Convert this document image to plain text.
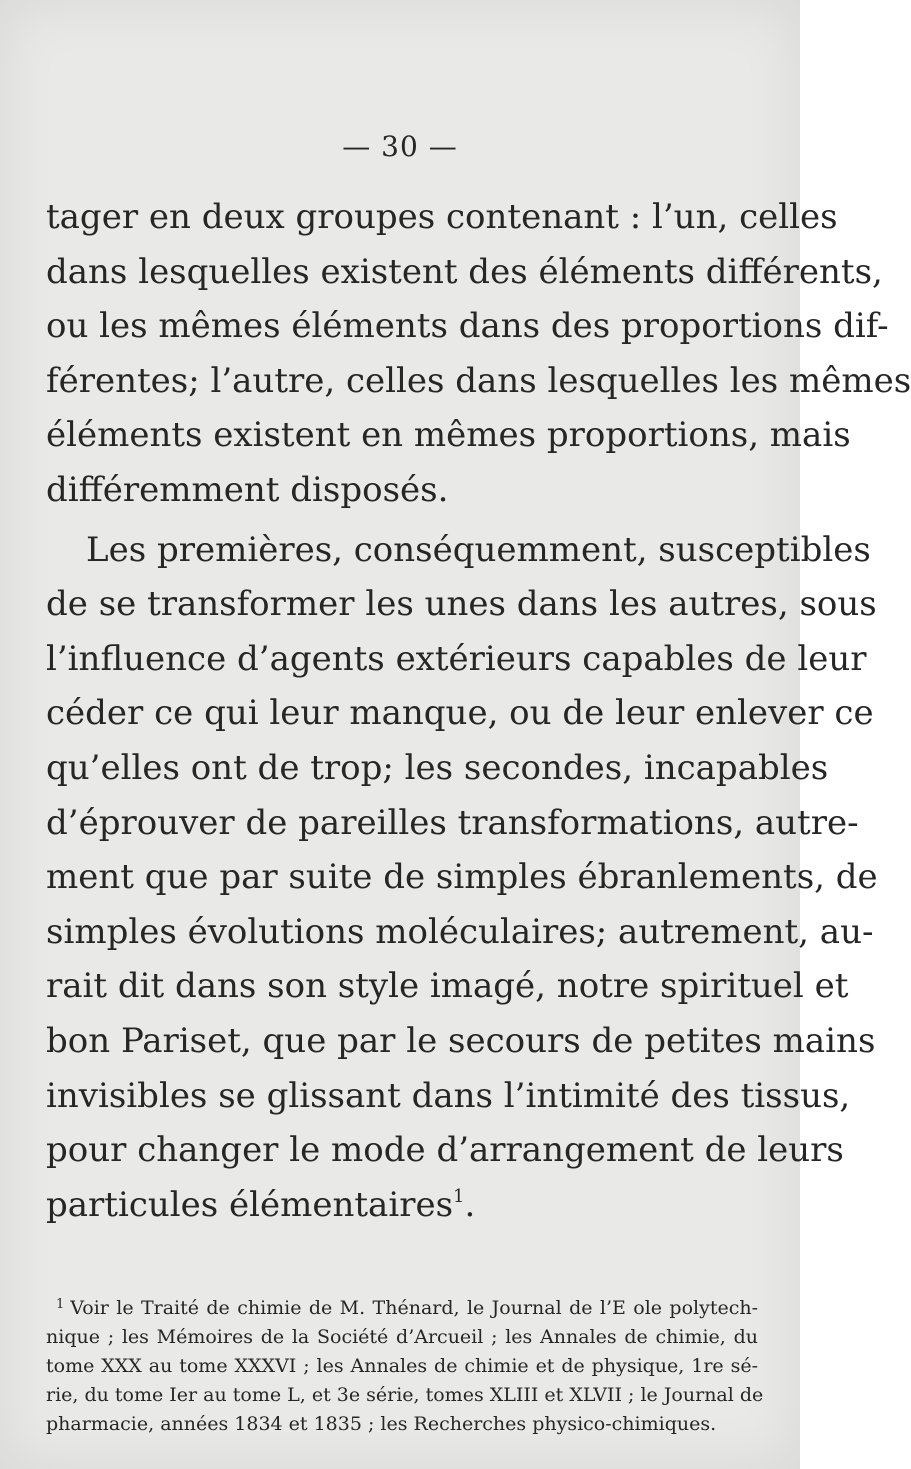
— 30 —
tager en deux groupes contenant : l’un, celles
dans lesquelles existent des éléments différents,
ou les mêmes éléments dans des proportions dif-
férentes; l’autre, celles dans lesquelles les mêmes
éléments existent en mêmes proportions, mais
différemment disposés.
Les premières, conséquemment, susceptibles
de se transformer les unes dans les autres, sous
l’influence d’agents extérieurs capables de leur
céder ce qui leur manque, ou de leur enlever ce
qu’elles ont de trop; les secondes, incapables
d’éprouver de pareilles transformations, autre-
ment que par suite de simples ébranlements, de
simples évolutions moléculaires; autrement, au-
rait dit dans son style imagé, notre spirituel et
bon Pariset, que par le secours de petites mains
invisibles se glissant dans l’intimité des tissus,
pour changer le mode d’arrangement de leurs
particules élémentaires$^1$.
$^1$ Voir le Traité de chimie de M. Thénard, le Journal de l’E ole polytech-
nique ; les Mémoires de la Société d’Arcueil ; les Annales de chimie, du
tome XXX au tome XXXVI ; les Annales de chimie et de physique, 1re sé-
rie, du tome Ier au tome L, et 3e série, tomes XLIII et XLVII ; le Journal de
pharmacie, années 1834 et 1835 ; les Recherches physico-chimiques.
